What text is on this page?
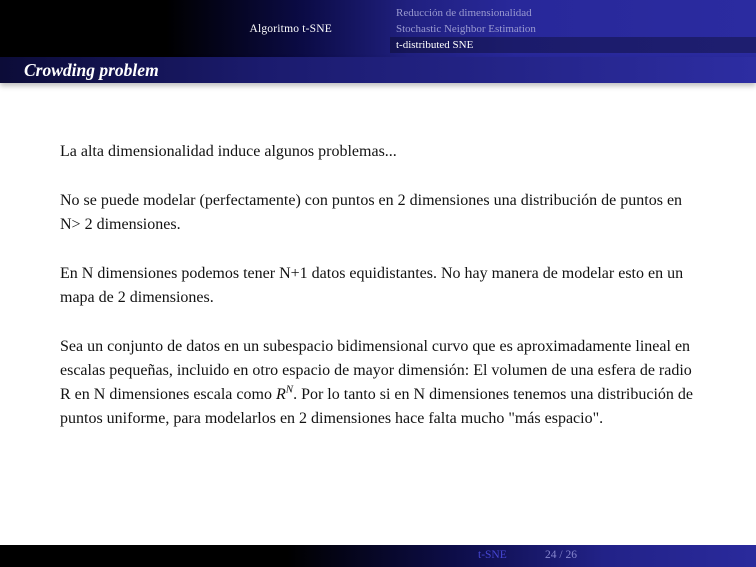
Algoritmo t-SNE
Reducción de dimensionalidad
Stochastic Neighbor Estimation
t-distributed SNE
Crowding problem

La alta dimensionalidad induce algunos problemas...

No se puede modelar (perfectamente) con puntos en 2 dimensiones una distribución de puntos en N> 2 dimensiones.

En N dimensiones podemos tener N+1 datos equidistantes. No hay manera de modelar esto en un mapa de 2 dimensiones.

Sea un conjunto de datos en un subespacio bidimensional curvo que es aproximadamente lineal en escalas pequeñas, incluido en otro espacio de mayor dimensión: El volumen de una esfera de radio R en N dimensiones escala como $R^N$. Por lo tanto si en N dimensiones tenemos una distribución de puntos uniforme, para modelarlos en 2 dimensiones hace falta mucho "más espacio".

t-SNE	24 / 26
